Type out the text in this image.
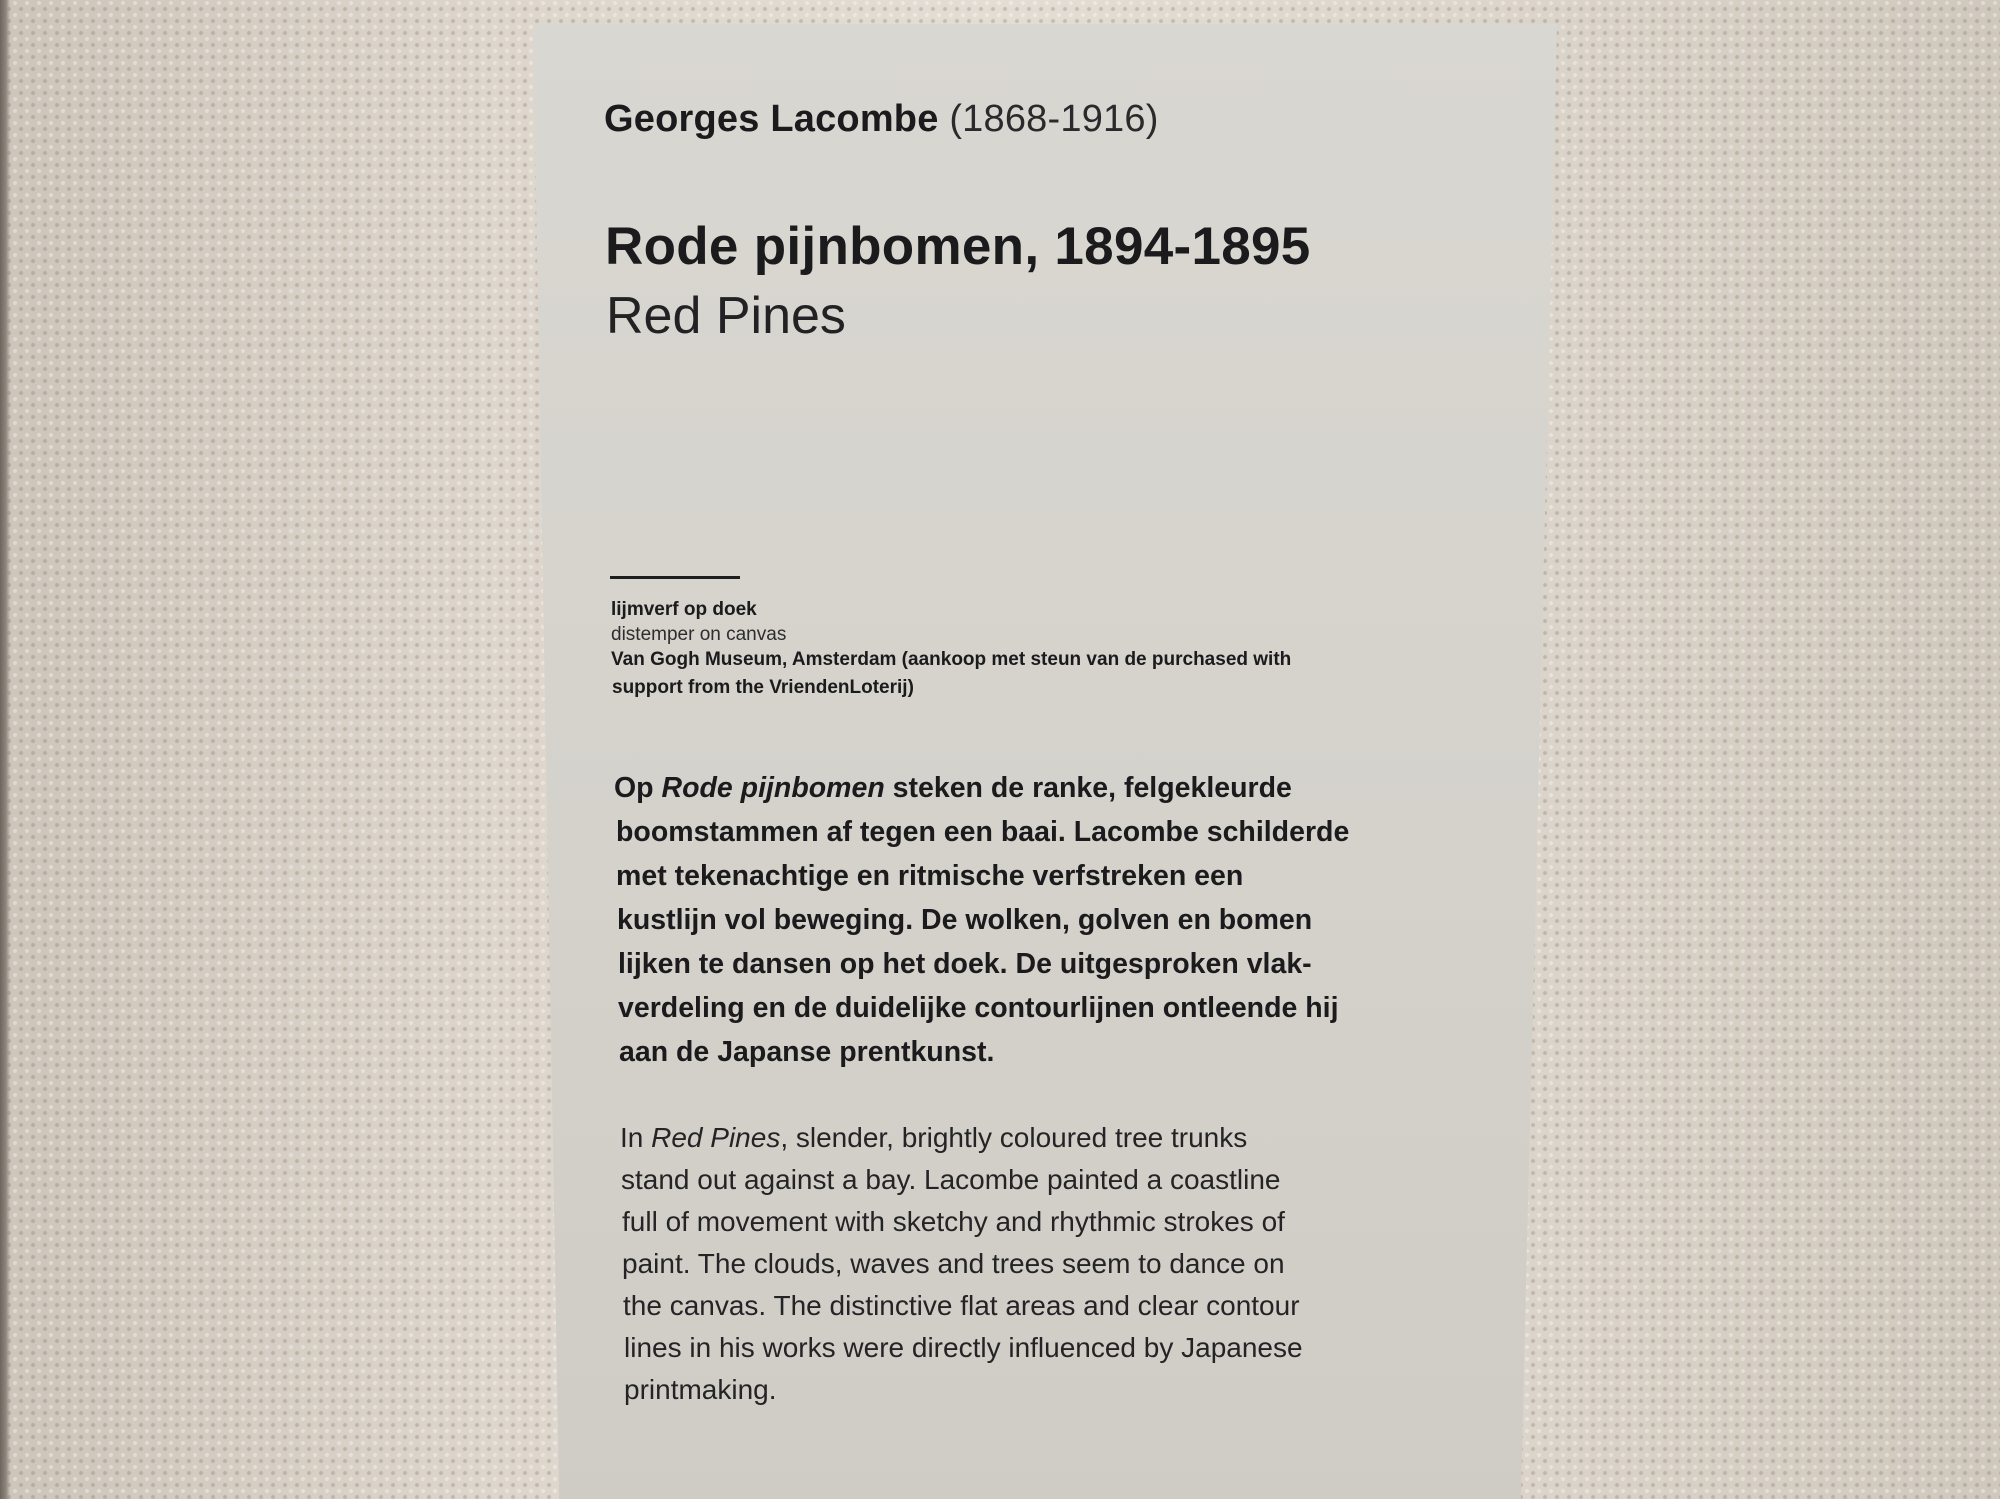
Georges Lacombe (1868-1916)

Rode pijnbomen, 1894-1895

Red Pines

lijmverf op doek

distemper on canvas

Van Gogh Museum, Amsterdam (aankoop met steun van de purchased with

support from the VriendenLoterij)

Op Rode pijnbomen steken de ranke, felgekleurde
boomstammen af tegen een baai. Lacombe schilderde
met tekenachtige en ritmische verfstreken een
kustlijn vol beweging. De wolken, golven en bomen
lijken te dansen op het doek. De uitgesproken vlak-
verdeling en de duidelijke contourlijnen ontleende hij
aan de Japanse prentkunst.
In Red Pines, slender, brightly coloured tree trunks
stand out against a bay. Lacombe painted a coastline
full of movement with sketchy and rhythmic strokes of
paint. The clouds, waves and trees seem to dance on
the canvas. The distinctive flat areas and clear contour
lines in his works were directly influenced by Japanese
printmaking.
